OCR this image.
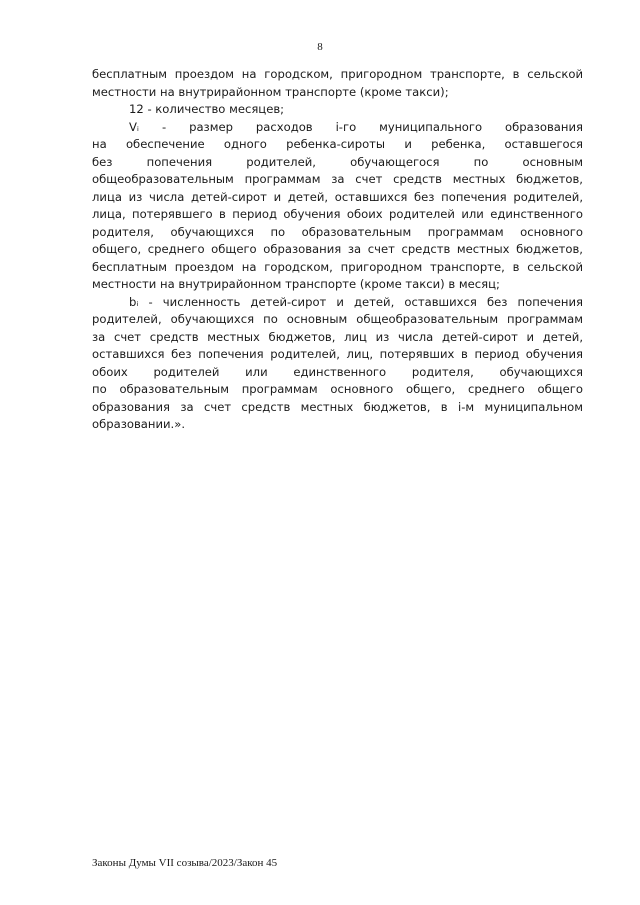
8
бесплатным проездом на городском, пригородном транспорте, в сельской
местности на внутрирайонном транспорте (кроме такси);
12 - количество месяцев;
Vᵢ - размер расходов i-го муниципального образования
на обеспечение одного ребенка-сироты и ребенка, оставшегося
без попечения родителей, обучающегося по основным
общеобразовательным программам за счет средств местных бюджетов,
лица из числа детей-сирот и детей, оставшихся без попечения родителей,
лица, потерявшего в период обучения обоих родителей или единственного
родителя, обучающихся по образовательным программам основного
общего, среднего общего образования за счет средств местных бюджетов,
бесплатным проездом на городском, пригородном транспорте, в сельской
местности на внутрирайонном транспорте (кроме такси) в месяц;
bᵢ - численность детей-сирот и детей, оставшихся без попечения
родителей, обучающихся по основным общеобразовательным программам
за счет средств местных бюджетов, лиц из числа детей-сирот и детей,
оставшихся без попечения родителей, лиц, потерявших в период обучения
обоих родителей или единственного родителя, обучающихся
по образовательным программам основного общего, среднего общего
образования за счет средств местных бюджетов, в i-м муниципальном
образовании.».
Законы Думы VII созыва/2023/Закон 45
